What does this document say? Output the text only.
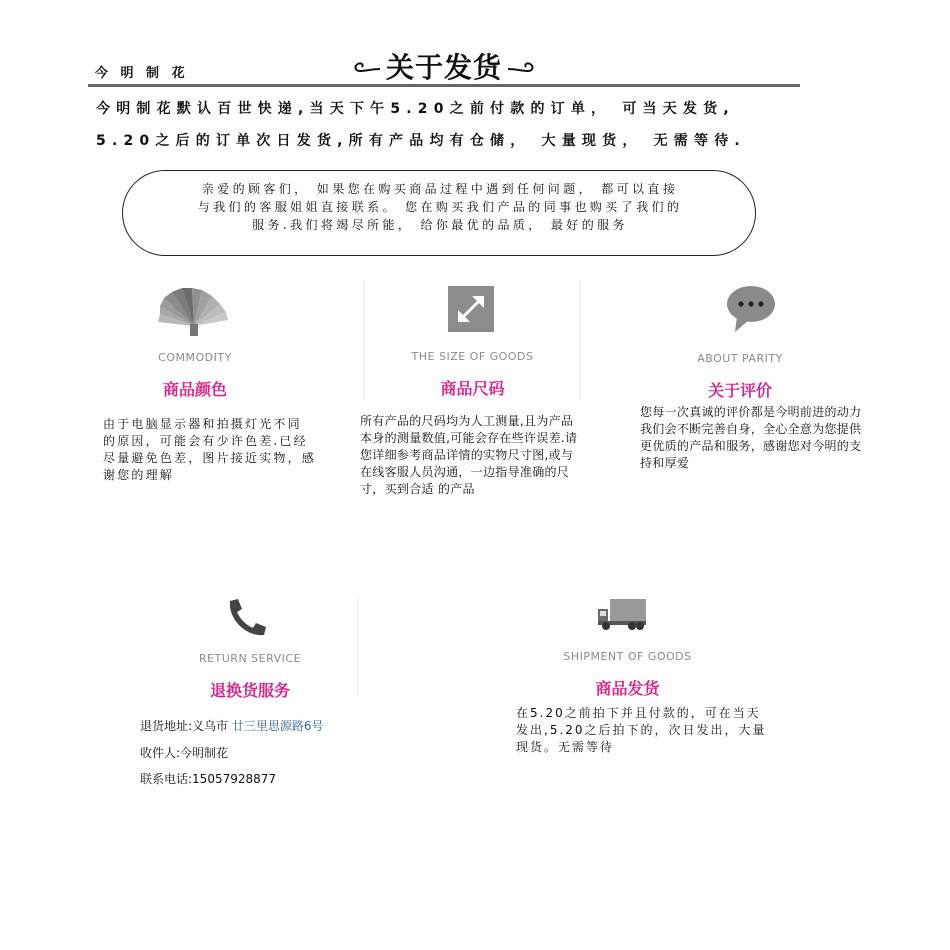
今 明 制 花	关于发货
今明制花默认百世快递,当天下午5.20之前付款的订单， 可当天发货,
5.20之后的订单次日发货,所有产品均有仓储， 大量现货， 无需等待.
亲爱的顾客们， 如果您在购买商品过程中遇到任何问题， 都可以直接
与我们的客服姐姐直接联系。 您在购买我们产品的同事也购买了我们的
服务.我们将竭尽所能， 给你最优的品质， 最好的服务
COMMODITY
商品颜色
由于电脑显示器和拍摄灯光不同
的原因，可能会有少许色差.已经
尽量避免色差，图片接近实物，感
谢您的理解
THE SIZE OF GOODS
商品尺码
所有产品的尺码均为人工测量,且为产品
本身的测量数值,可能会存在些许误差.请
您详细参考商品详情的实物尺寸图,或与
在线客服人员沟通，一边指导准确的尺
寸，买到合适 的产品
ABOUT PARITY
关于评价
您每一次真诚的评价都是今明前进的动力
我们会不断完善自身，全心全意为您提供
更优质的产品和服务，感谢您对今明的支
持和厚爱
RETURN SERVICE
退换货服务
退货地址:义乌市 廿三里思源路6号
收件人:今明制花
联系电话:15057928877
SHIPMENT OF GOODS
商品发货
在5.20之前拍下并且付款的，可在当天
发出,5.20之后拍下的，次日发出，大量
现货。无需等待
